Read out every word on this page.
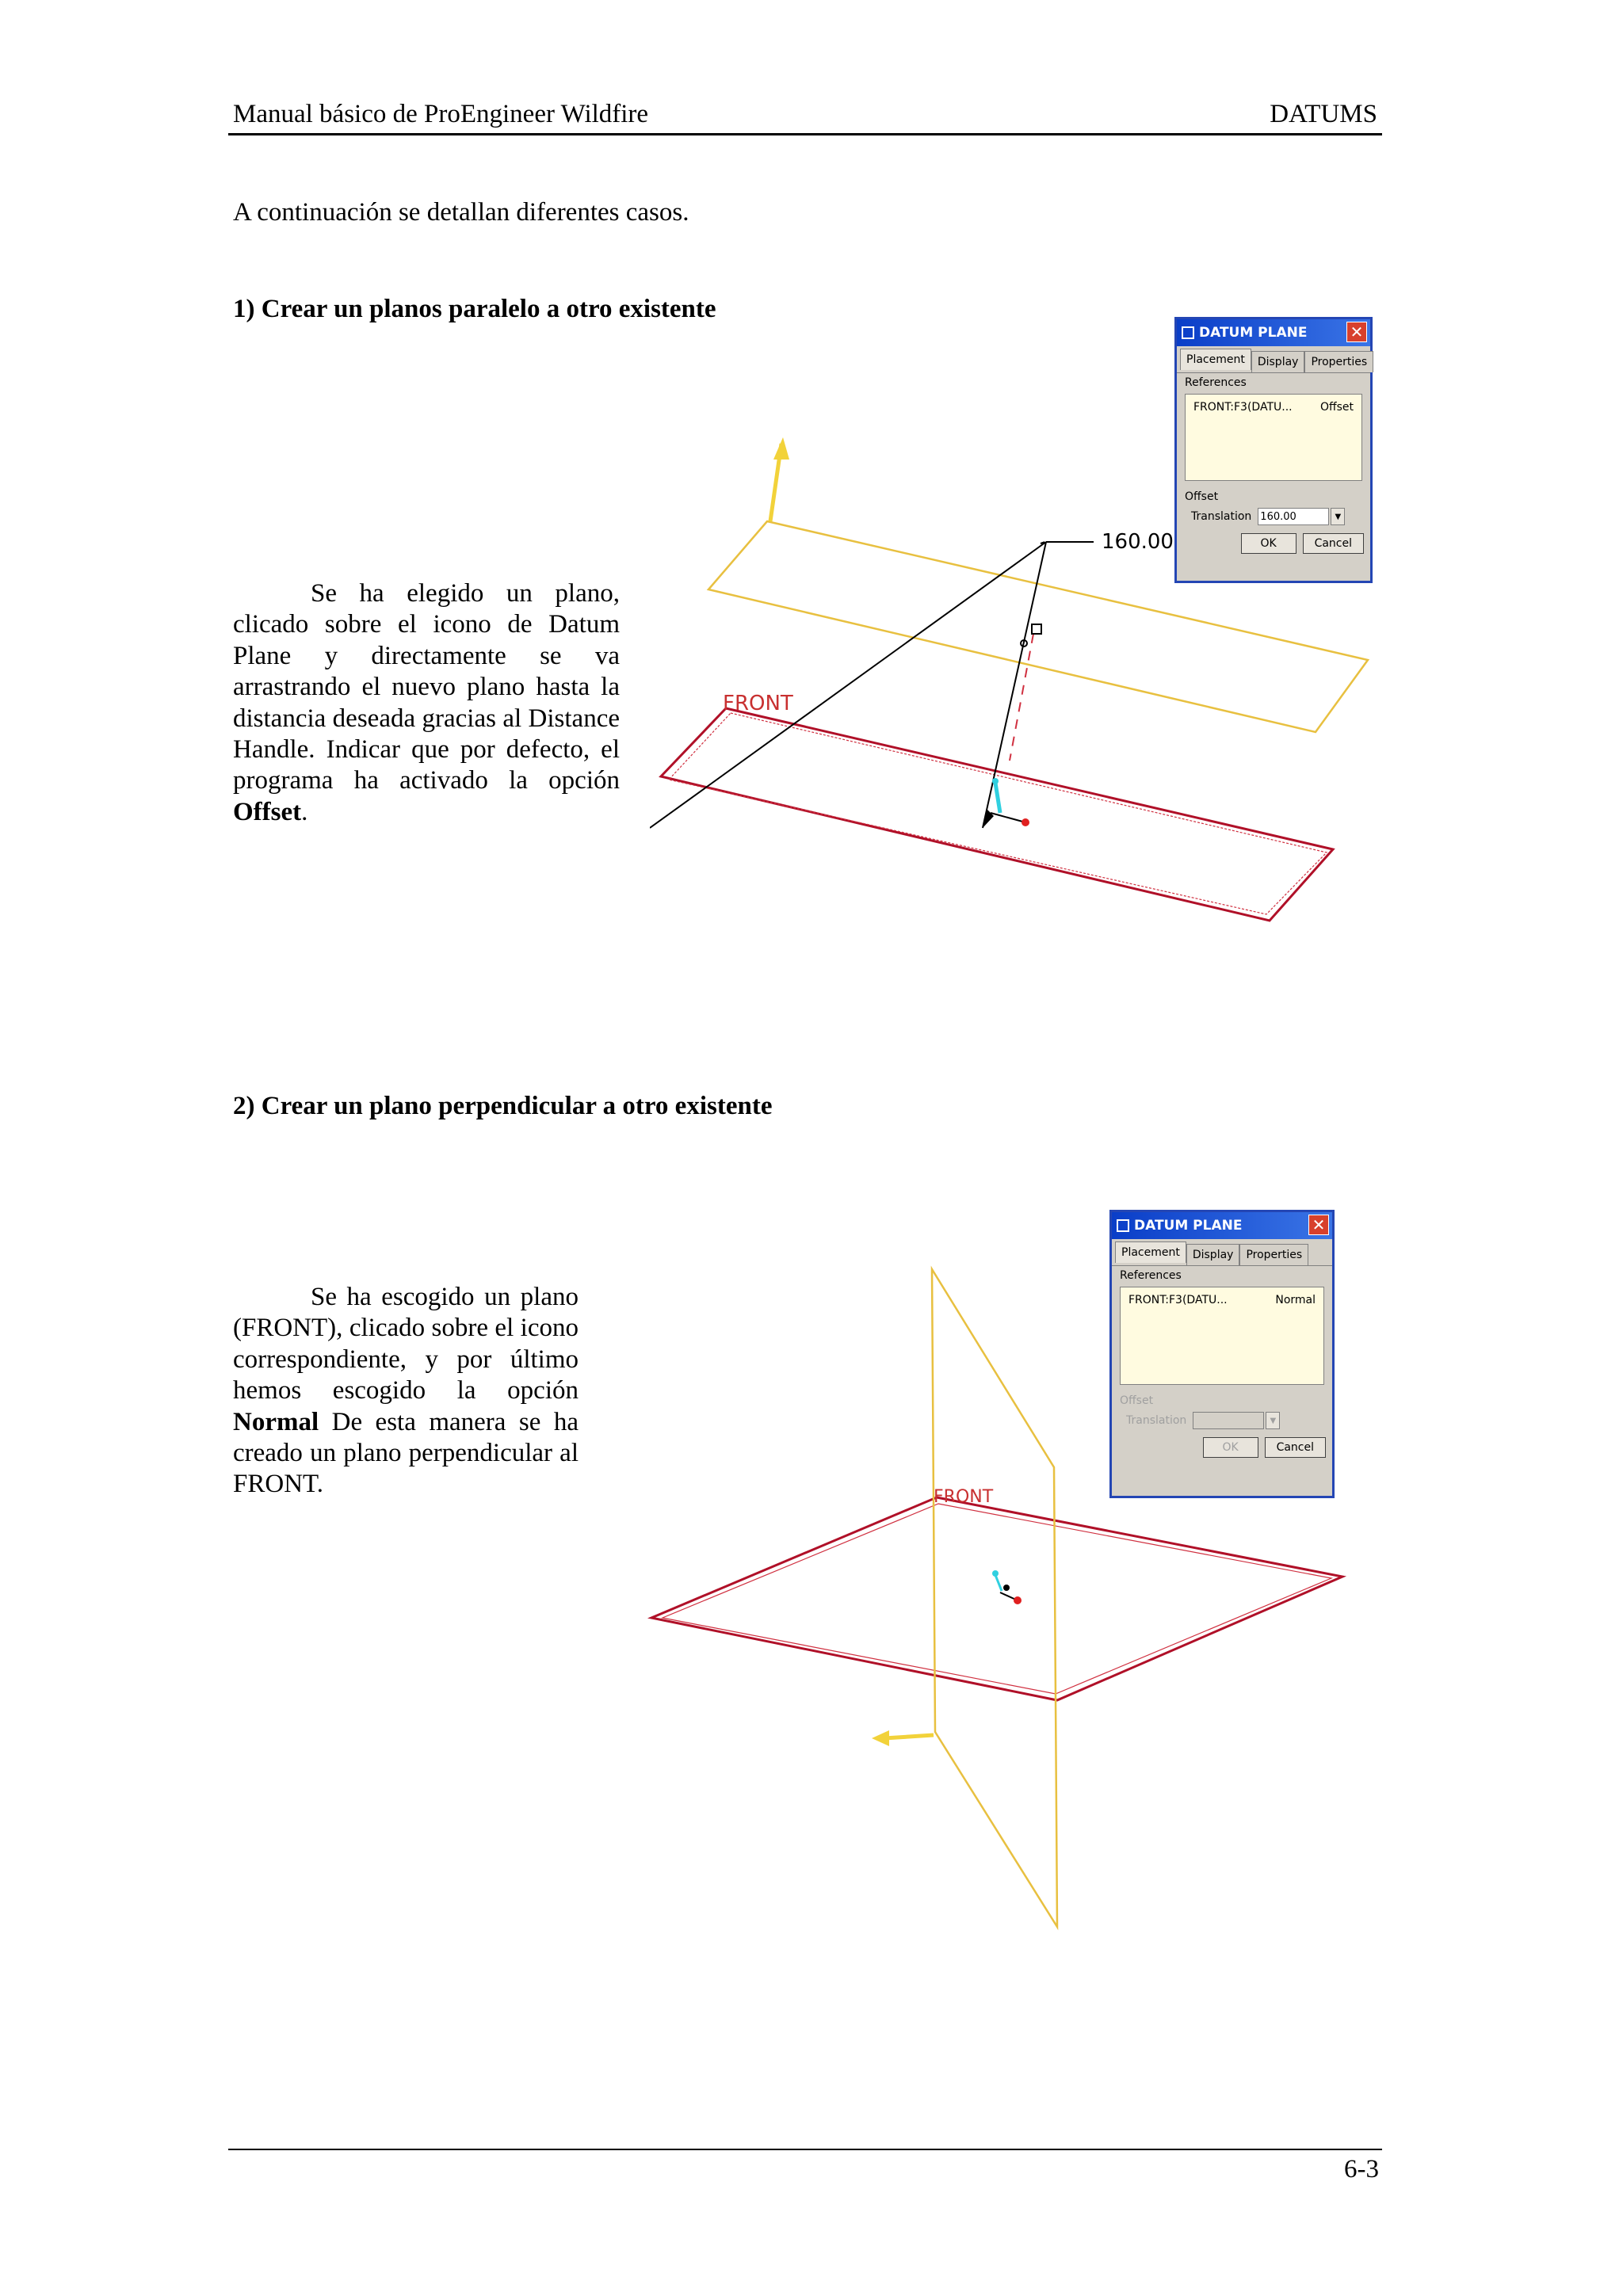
Manual básico de ProEngineer Wildfire	DATUMS
A continuación se detallan diferentes casos.
1) Crear un planos paralelo a otro existente
Se ha elegido un plano, clicado sobre el icono de Datum Plane y directamente se va arrastrando el nuevo plano hasta la distancia deseada gracias al Distance Handle. Indicar que por defecto, el programa ha activado la opción Offset.
FRONT
160.00
DATUM PLANE	✕
Placement	Display	Properties
References
FRONT:F3(DATU...	Offset
Offset
Translation 160.00	▼
OK	Cancel
2) Crear un plano perpendicular a otro existente
Se ha escogido un plano (FRONT), clicado sobre el icono correspondiente, y por último hemos escogido la opción Normal De esta manera se ha creado un plano perpendicular al FRONT.	FRONT
DATUM PLANE	✕
Placement	Display	Properties
References
FRONT:F3(DATU...	Normal
Offset
Translation	▼
OK	Cancel
6-3
